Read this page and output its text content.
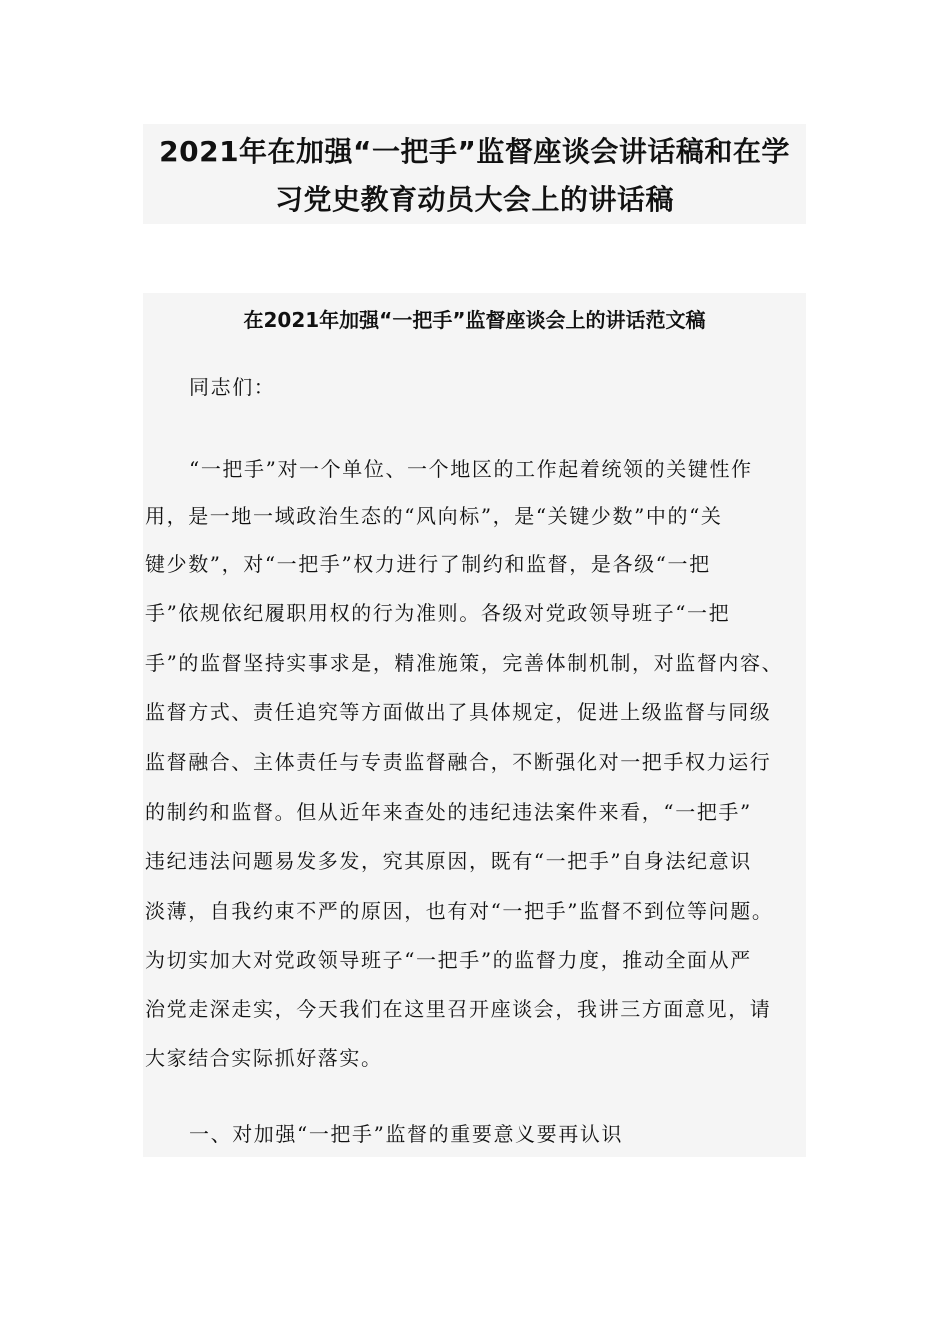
2021年在加强“一把手”监督座谈会讲话稿和在学
习党史教育动员大会上的讲话稿
在2021年加强“一把手”监督座谈会上的讲话范文稿
同志们：
“一把手”对一个单位、一个地区的工作起着统领的关键性作
用，是一地一域政治生态的“风向标”，是“关键少数”中的“关
键少数”，对“一把手”权力进行了制约和监督，是各级“一把
手”依规依纪履职用权的行为准则。各级对党政领导班子“一把
手”的监督坚持实事求是，精准施策，完善体制机制，对监督内容、
监督方式、责任追究等方面做出了具体规定，促进上级监督与同级
监督融合、主体责任与专责监督融合，不断强化对一把手权力运行
的制约和监督。但从近年来查处的违纪违法案件来看，“一把手”
违纪违法问题易发多发，究其原因，既有“一把手”自身法纪意识
淡薄，自我约束不严的原因，也有对“一把手”监督不到位等问题。
为切实加大对党政领导班子“一把手”的监督力度，推动全面从严
治党走深走实，今天我们在这里召开座谈会，我讲三方面意见，请
大家结合实际抓好落实。
一、对加强“一把手”监督的重要意义要再认识
